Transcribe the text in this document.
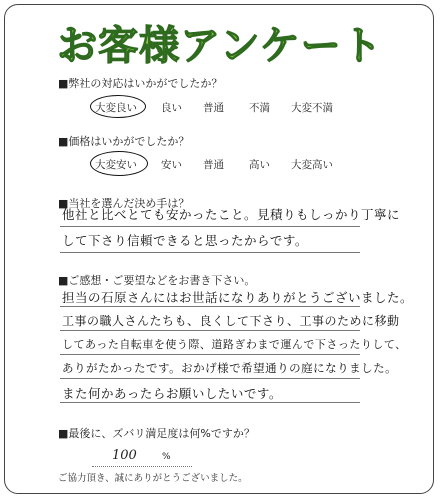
お客様アンケート
■弊社の対応はいかがでしたか？
大変良い 良い 普通 不満 大変不満
■価格はいかがでしたか？
大変安い 安い 普通 高い 大変高い
■当社を選んだ決め手は？
他社と比べとても安かったこと。見積りもしっかり丁寧に
して下さり信頼できると思ったからです。
■ご感想・ご要望などをお書き下さい。
担当の石原さんにはお世話になりありがとうございました。
工事の職人さんたちも、良くして下さり、工事のために移動
してあった自転車を使う際、道路ぎわまで運んで下さったりして、
ありがたかったです。おかげ様で希望通りの庭になりました。
また何かあったらお願いしたいです。
■最後に、ズバリ満足度は何%ですか？
100	%
ご協力頂き、誠にありがとうございました。
